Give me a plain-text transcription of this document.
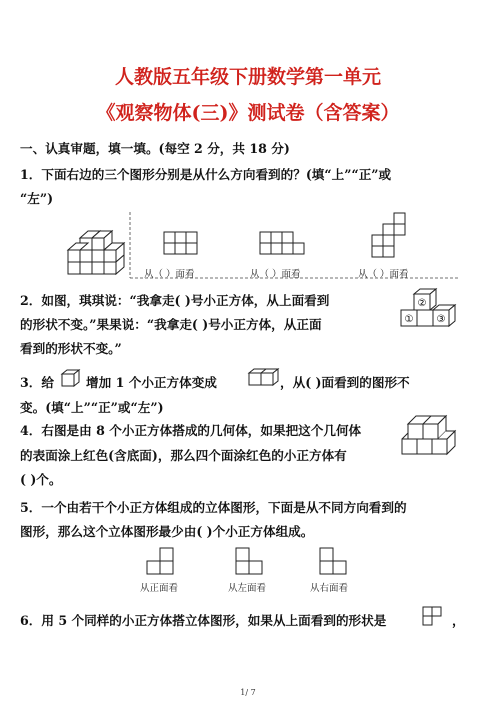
人教版五年级下册数学第一单元
《观察物体(三)》测试卷（含答案）
一、认真审题，填一填。(每空 2 分，共 18 分)
1．下面右边的三个图形分别是从什么方向看到的？(填“上”“正”或
“左”)
从（ ）面看	从（ ）面看	从（ ）面看
2．如图，琪琪说：“我拿走( )号小正方体，从上面看到
的形状不变。”果果说：“我拿走( )号小正方体，从正面
看到的形状不变。”
②
① ③
3．给	增加 1 个小正方体变成	，从( )面看到的图形不
变。(填“上”“正”或“左”)
4．右图是由 8 个小正方体搭成的几何体，如果把这个几何体
的表面涂上红色(含底面)，那么四个面涂红色的小正方体有
( )个。
5．一个由若干个小正方体组成的立体图形，下面是从不同方向看到的
图形，那么这个立体图形最少由( )个小正方体组成。
从正面看	从左面看	从右面看
6．用 5 个同样的小正方体搭立体图形，如果从上面看到的形状是	，
1/ 7
